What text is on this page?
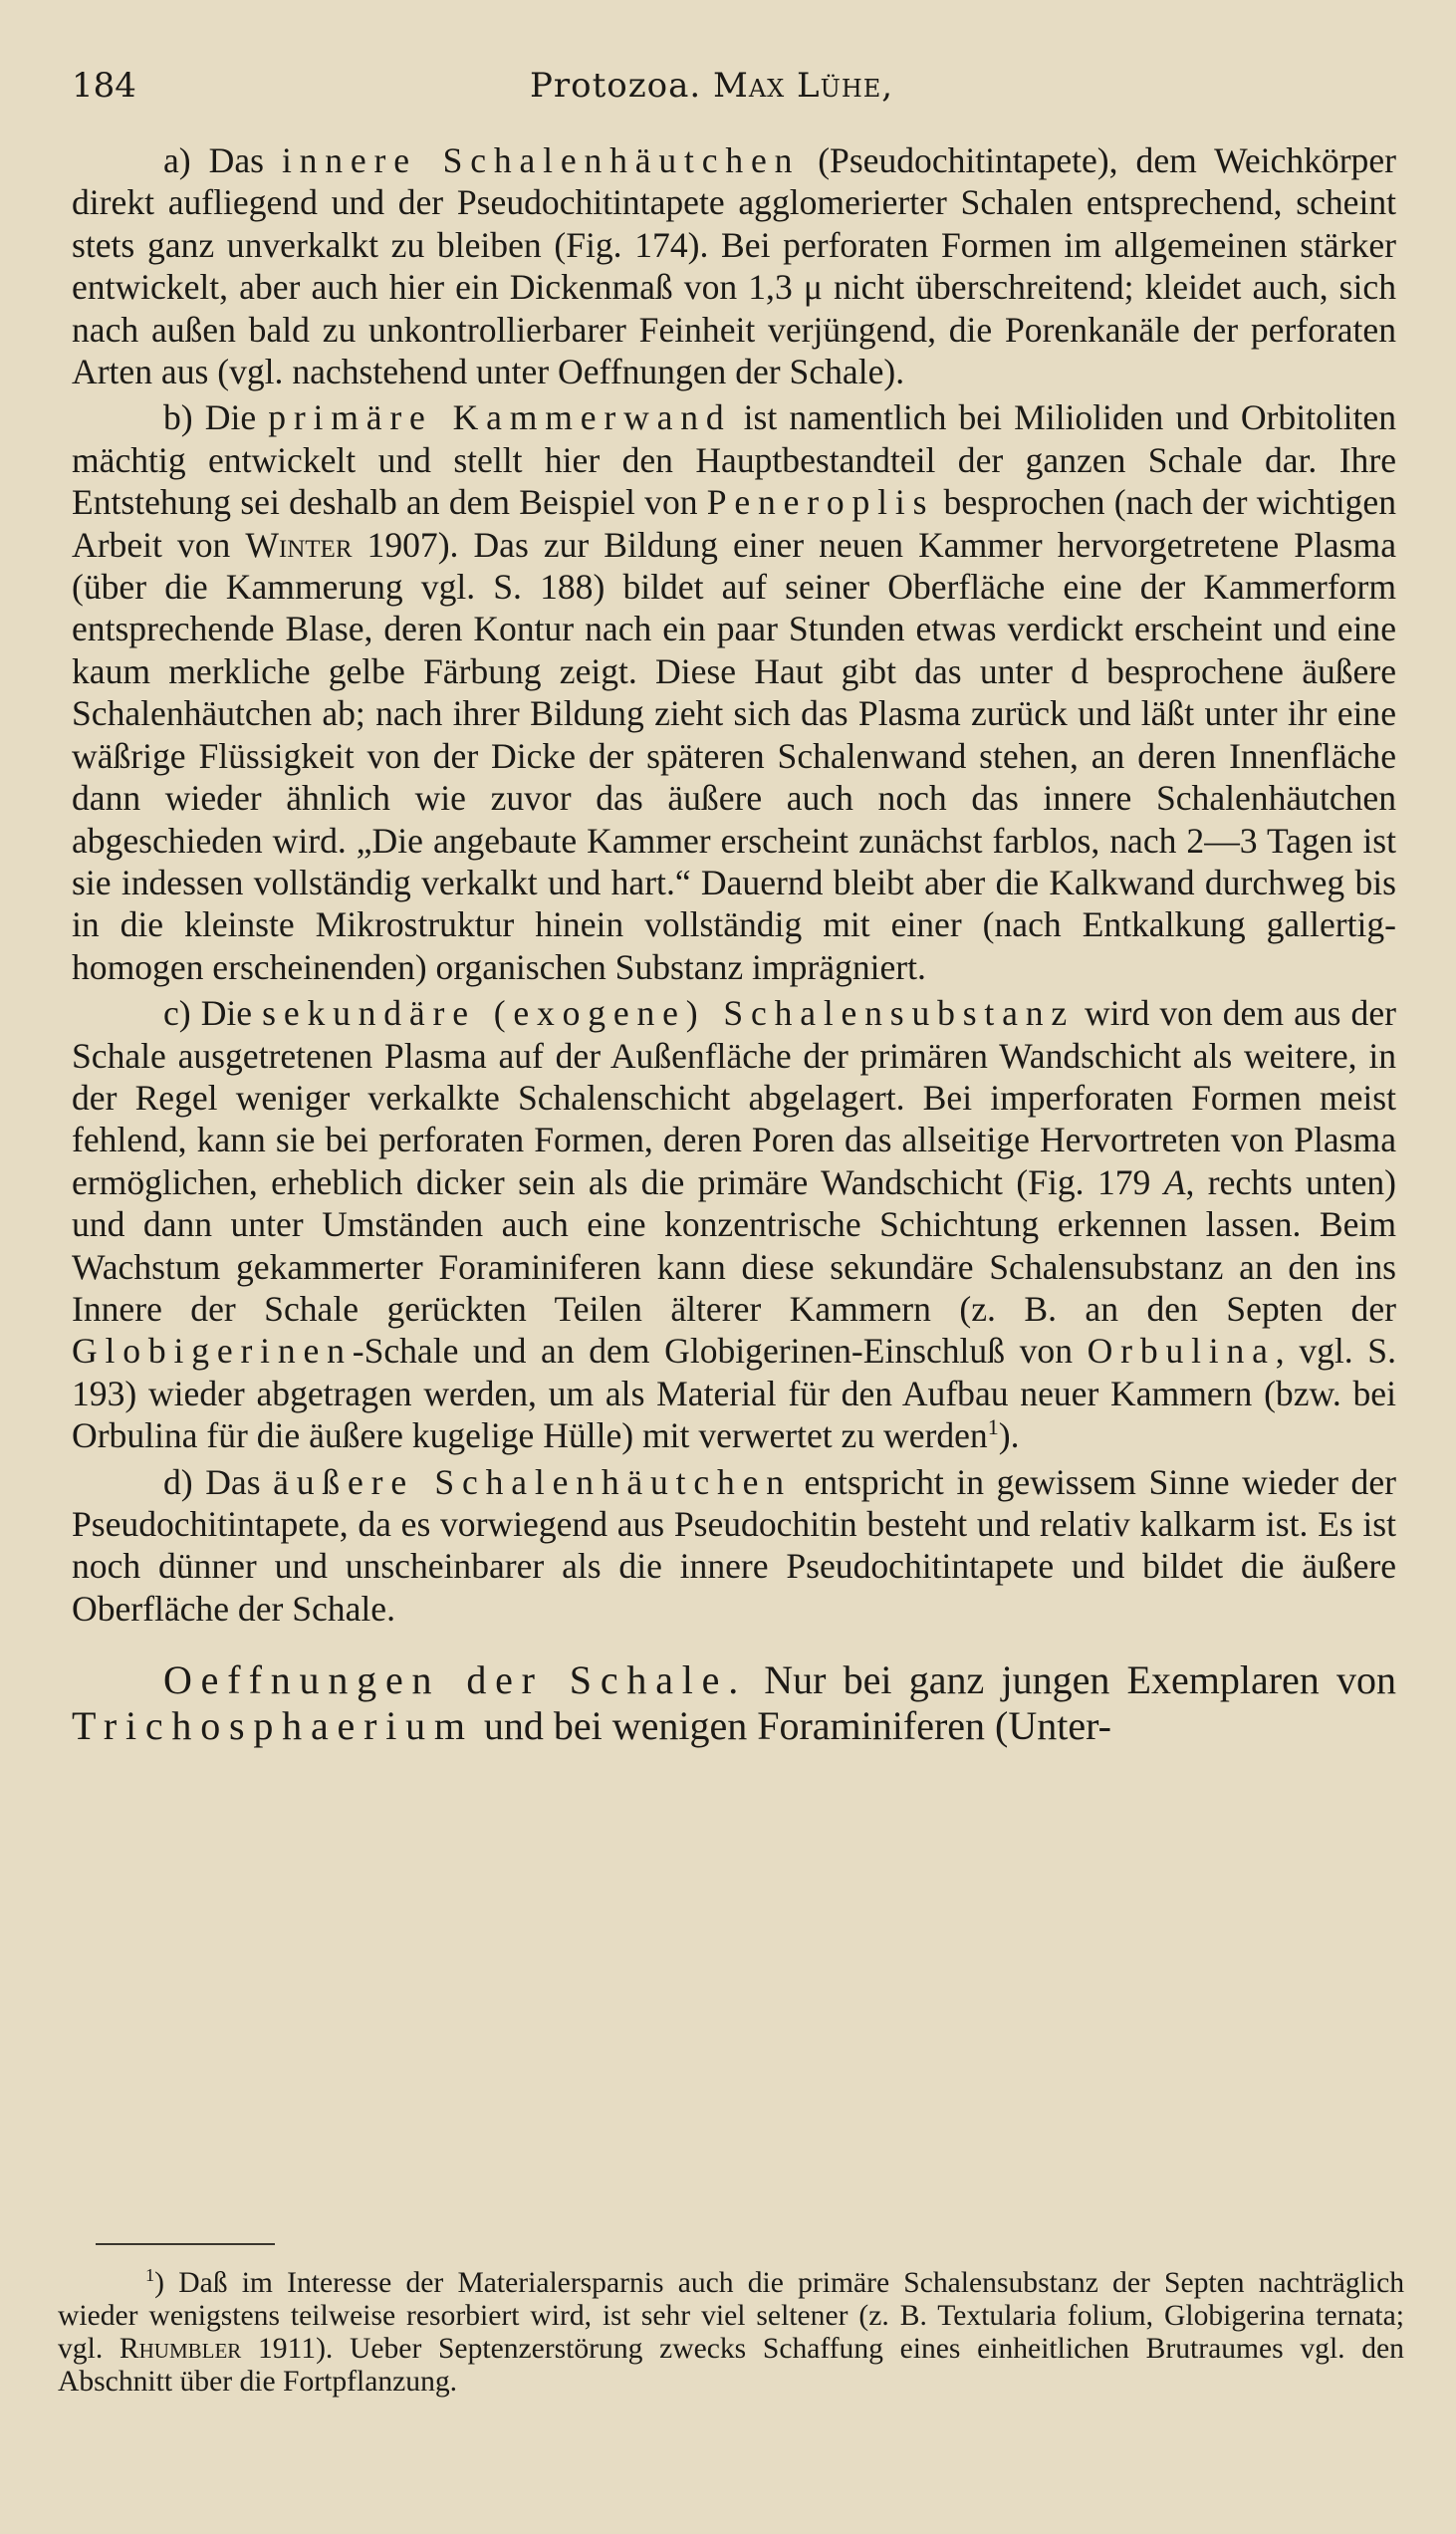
184	Protozoa. Max Lühe,

a) Das innere Schalenhäutchen (Pseudochitintapete), dem Weichkörper direkt aufliegend und der Pseudochitintapete agglomerierter Schalen entsprechend, scheint stets ganz unverkalkt zu bleiben (Fig. 174). Bei perforaten Formen im allgemeinen stärker entwickelt, aber auch hier ein Dickenmaß von 1,3 μ nicht überschreitend; kleidet auch, sich nach außen bald zu unkontrollierbarer Feinheit verjüngend, die Porenkanäle der perforaten Arten aus (vgl. nachstehend unter Oeffnungen der Schale).

b) Die primäre Kammerwand ist namentlich bei Milioliden und Orbitoliten mächtig entwickelt und stellt hier den Hauptbestandteil der ganzen Schale dar. Ihre Entstehung sei deshalb an dem Beispiel von Peneroplis besprochen (nach der wichtigen Arbeit von Winter 1907). Das zur Bildung einer neuen Kammer hervorgetretene Plasma (über die Kammerung vgl. S. 188) bildet auf seiner Oberfläche eine der Kammerform entsprechende Blase, deren Kontur nach ein paar Stunden etwas verdickt erscheint und eine kaum merkliche gelbe Färbung zeigt. Diese Haut gibt das unter d besprochene äußere Schalenhäutchen ab; nach ihrer Bildung zieht sich das Plasma zurück und läßt unter ihr eine wäßrige Flüssigkeit von der Dicke der späteren Schalenwand stehen, an deren Innenfläche dann wieder ähnlich wie zuvor das äußere auch noch das innere Schalenhäutchen abgeschieden wird. „Die angebaute Kammer erscheint zunächst farblos, nach 2—3 Tagen ist sie indessen vollständig verkalkt und hart.“ Dauernd bleibt aber die Kalkwand durchweg bis in die kleinste Mikrostruktur hinein vollständig mit einer (nach Entkalkung gallertig-homogen erscheinenden) organischen Substanz imprägniert.

c) Die sekundäre (exogene) Schalensubstanz wird von dem aus der Schale ausgetretenen Plasma auf der Außenfläche der primären Wandschicht als weitere, in der Regel weniger verkalkte Schalenschicht abgelagert. Bei imperforaten Formen meist fehlend, kann sie bei perforaten Formen, deren Poren das allseitige Hervortreten von Plasma ermöglichen, erheblich dicker sein als die primäre Wandschicht (Fig. 179 A, rechts unten) und dann unter Umständen auch eine konzentrische Schichtung erkennen lassen. Beim Wachstum gekammerter Foraminiferen kann diese sekundäre Schalensubstanz an den ins Innere der Schale gerückten Teilen älterer Kammern (z. B. an den Septen der Globigerinen-Schale und an dem Globigerinen-Einschluß von Orbulina, vgl. S. 193) wieder abgetragen werden, um als Material für den Aufbau neuer Kammern (bzw. bei Orbulina für die äußere kugelige Hülle) mit verwertet zu werden$^1$).

d) Das äußere Schalenhäutchen entspricht in gewissem Sinne wieder der Pseudochitintapete, da es vorwiegend aus Pseudochitin besteht und relativ kalkarm ist. Es ist noch dünner und unscheinbarer als die innere Pseudochitintapete und bildet die äußere Oberfläche der Schale.

Oeffnungen der Schale. Nur bei ganz jungen Exemplaren von Trichosphaerium und bei wenigen Foraminiferen (Unter-

$^1$) Daß im Interesse der Materialersparnis auch die primäre Schalensubstanz der Septen nachträglich wieder wenigstens teilweise resorbiert wird, ist sehr viel seltener (z. B. Textularia folium, Globigerina ternata; vgl. Rhumbler 1911). Ueber Septenzerstörung zwecks Schaffung eines einheitlichen Brutraumes vgl. den Abschnitt über die Fortpflanzung.
